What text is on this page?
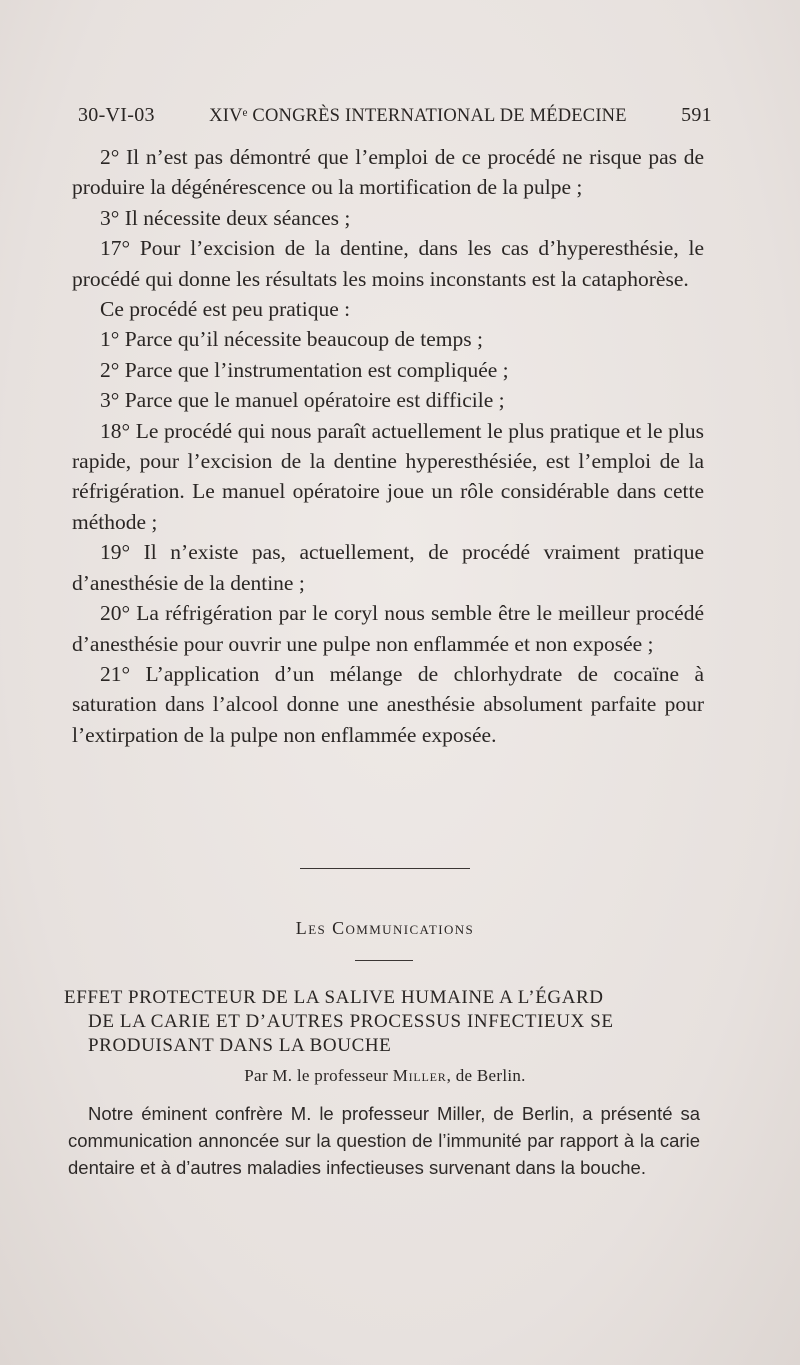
30-VI-03	XIVᵉ CONGRÈS INTERNATIONAL DE MÉDECINE	591

2° Il n’est pas démontré que l’emploi de ce procédé ne risque pas de produire la dégénérescence ou la mortification de la pulpe ;

3° Il nécessite deux séances ;

17° Pour l’excision de la dentine, dans les cas d’hyperesthésie, le procédé qui donne les résultats les moins inconstants est la cataphorèse.

Ce procédé est peu pratique :

1° Parce qu’il nécessite beaucoup de temps ;

2° Parce que l’instrumentation est compliquée ;

3° Parce que le manuel opératoire est difficile ;

18° Le procédé qui nous paraît actuellement le plus pratique et le plus rapide, pour l’excision de la dentine hyperesthésiée, est l’emploi de la réfrigération. Le manuel opératoire joue un rôle considérable dans cette méthode ;

19° Il n’existe pas, actuellement, de procédé vraiment pratique d’anesthésie de la dentine ;

20° La réfrigération par le coryl nous semble être le meilleur procédé d’anesthésie pour ouvrir une pulpe non enflammée et non exposée ;

21° L’application d’un mélange de chlorhydrate de cocaïne à saturation dans l’alcool donne une anesthésie absolument parfaite pour l’extirpation de la pulpe non enflammée exposée.

Les Communications
EFFET PROTECTEUR DE LA SALIVE HUMAINE A L’ÉGARD
DE LA CARIE ET D’AUTRES PROCESSUS INFECTIEUX SE
PRODUISANT DANS LA BOUCHE
Par M. le professeur Miller, de Berlin.

Notre éminent confrère M. le professeur Miller, de Berlin, a présenté sa communication annoncée sur la question de l’immunité par rapport à la carie dentaire et à d’autres maladies infectieuses survenant dans la bouche.
